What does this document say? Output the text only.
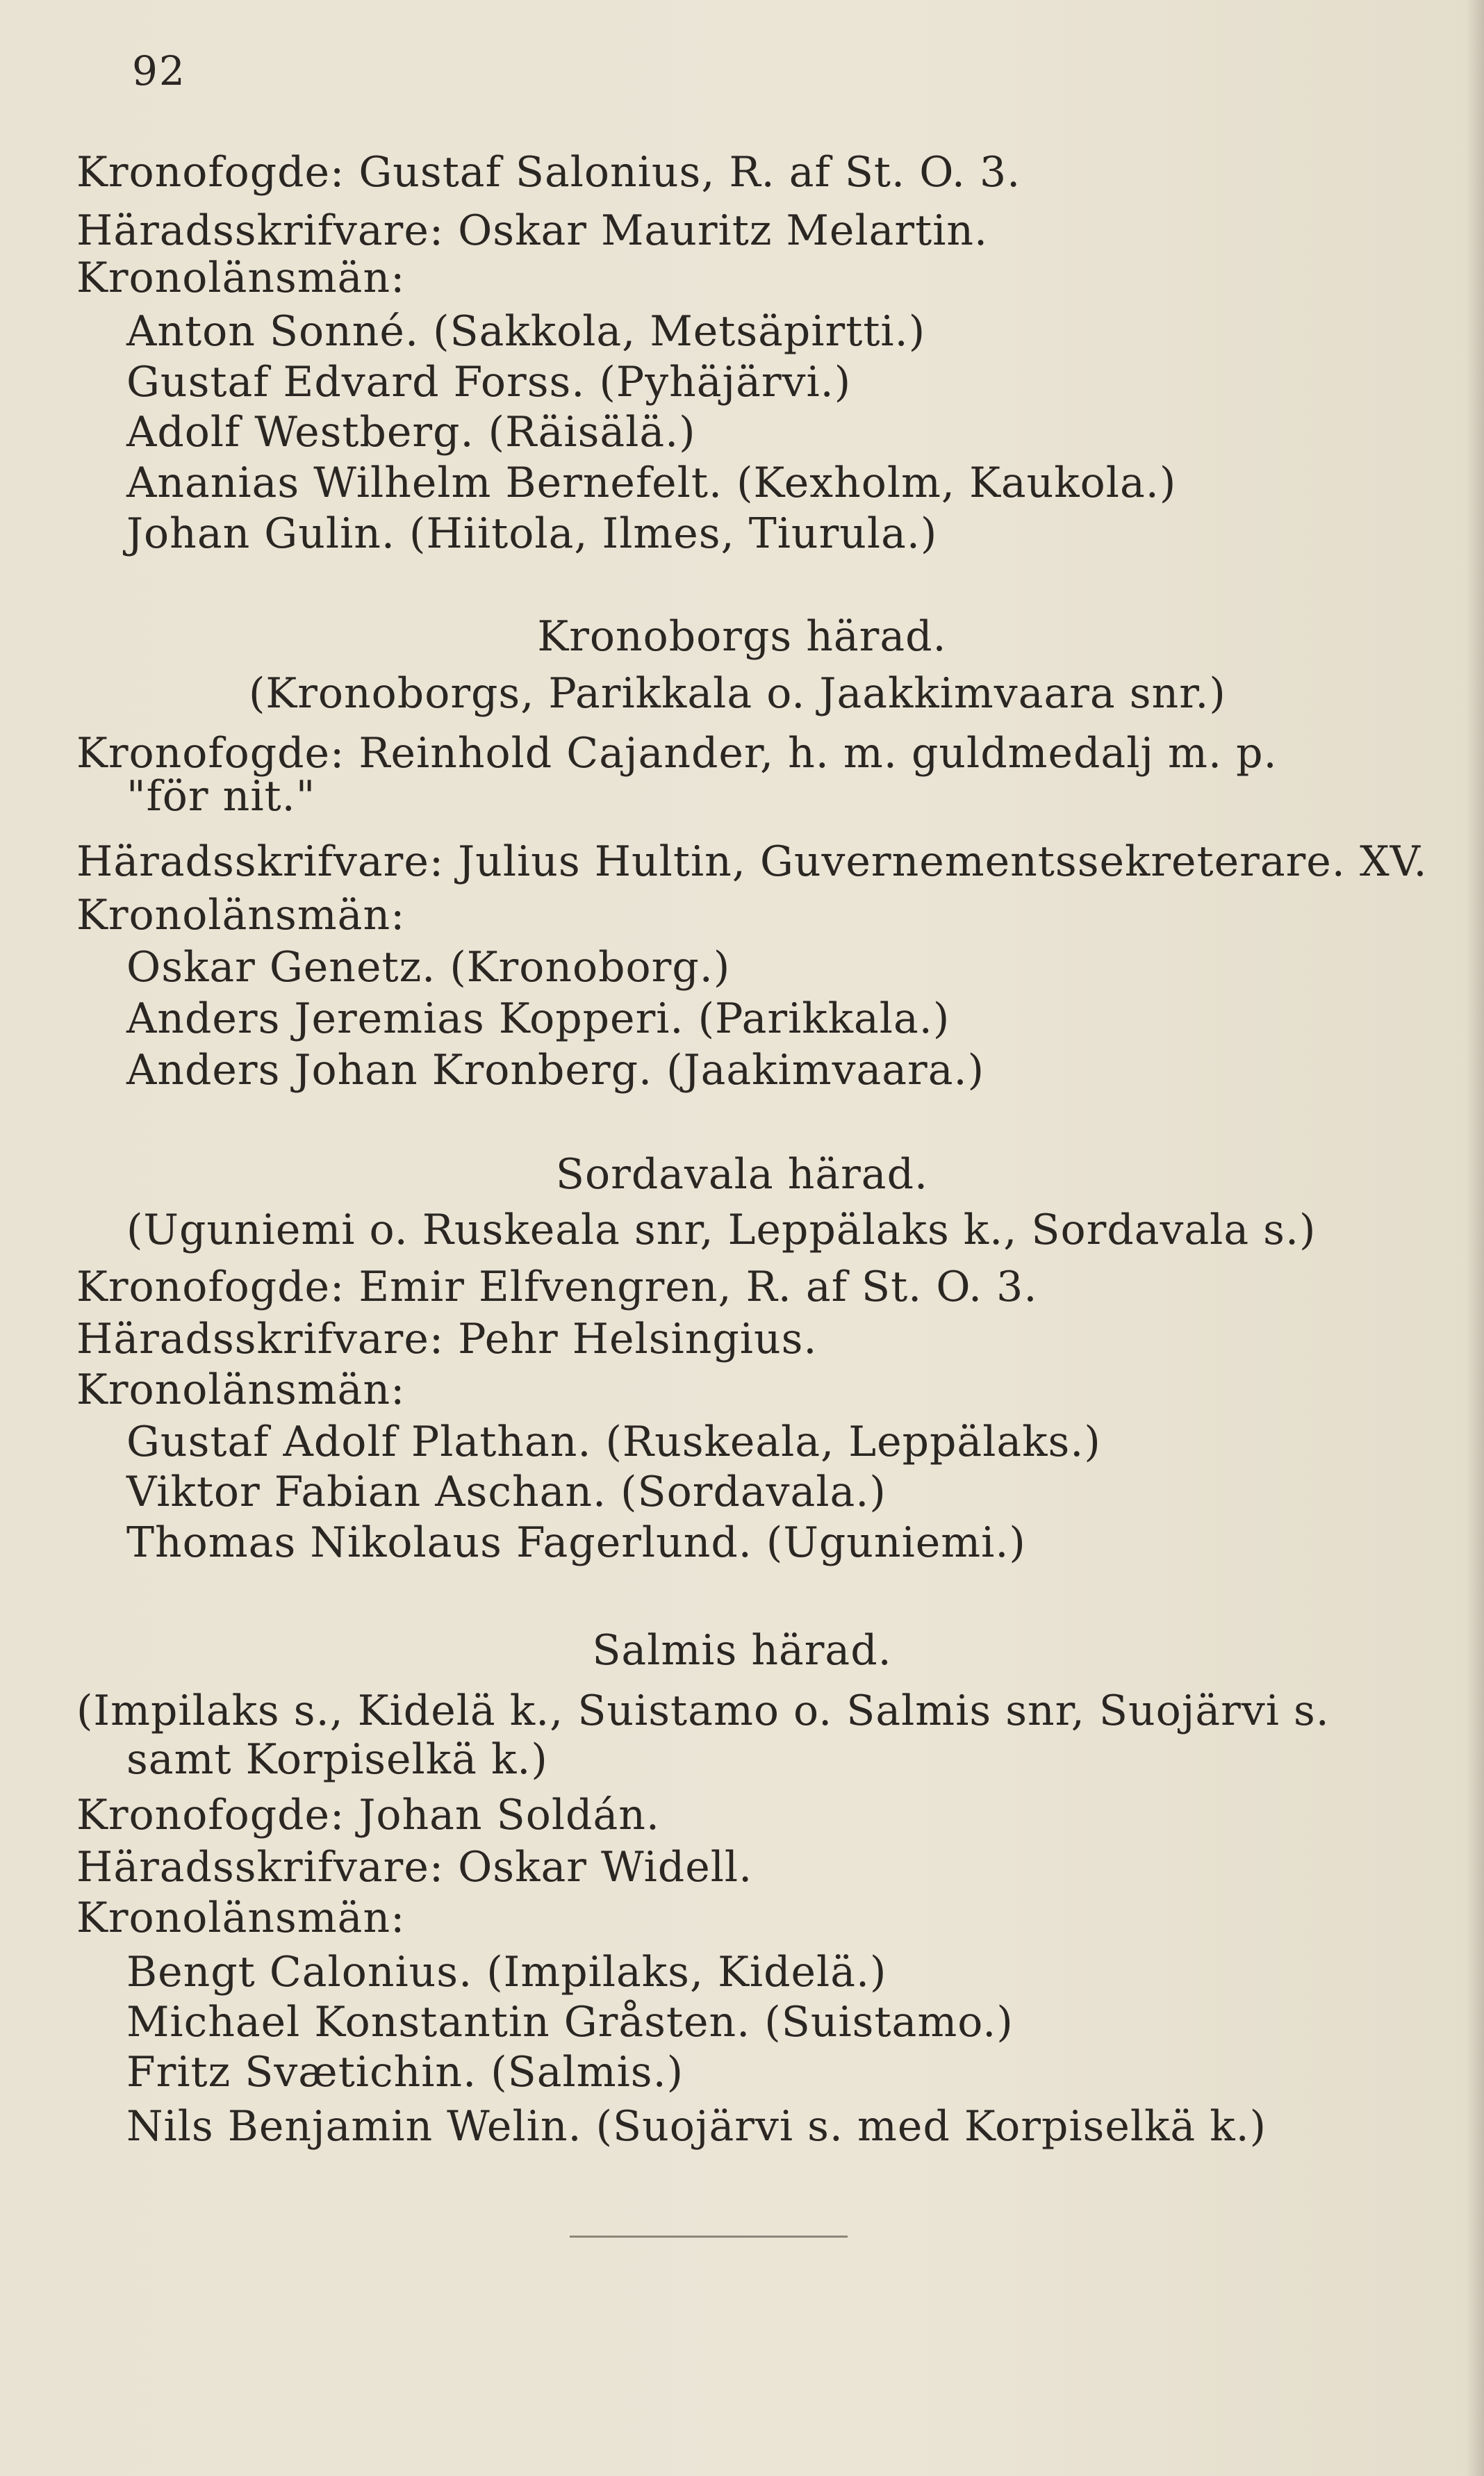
92
Kronofogde: Gustaf Salonius, R. af St. O. 3.
Häradsskrifvare: Oskar Mauritz Melartin.
Kronolänsmän:
Anton Sonné. (Sakkola, Metsäpirtti.)
Gustaf Edvard Forss. (Pyhäjärvi.)
Adolf Westberg. (Räisälä.)
Ananias Wilhelm Bernefelt. (Kexholm, Kaukola.)
Johan Gulin. (Hiitola, Ilmes, Tiurula.)
Kronoborgs härad.
(Kronoborgs, Parikkala o. Jaakkimvaara snr.)
Kronofogde: Reinhold Cajander, h. m. guldmedalj m. p.
"för nit."
Häradsskrifvare: Julius Hultin, Guvernementssekreterare. XV.
Kronolänsmän:
Oskar Genetz. (Kronoborg.)
Anders Jeremias Kopperi. (Parikkala.)
Anders Johan Kronberg. (Jaakimvaara.)
Sordavala härad.
(Uguniemi o. Ruskeala snr, Leppälaks k., Sordavala s.)
Kronofogde: Emir Elfvengren, R. af St. O. 3.
Häradsskrifvare: Pehr Helsingius.
Kronolänsmän:
Gustaf Adolf Plathan. (Ruskeala, Leppälaks.)
Viktor Fabian Aschan. (Sordavala.)
Thomas Nikolaus Fagerlund. (Uguniemi.)
Salmis härad.
(Impilaks s., Kidelä k., Suistamo o. Salmis snr, Suojärvi s.
samt Korpiselkä k.)
Kronofogde: Johan Soldán.
Häradsskrifvare: Oskar Widell.
Kronolänsmän:
Bengt Calonius. (Impilaks, Kidelä.)
Michael Konstantin Gråsten. (Suistamo.)
Fritz Svætichin. (Salmis.)
Nils Benjamin Welin. (Suojärvi s. med Korpiselkä k.)
